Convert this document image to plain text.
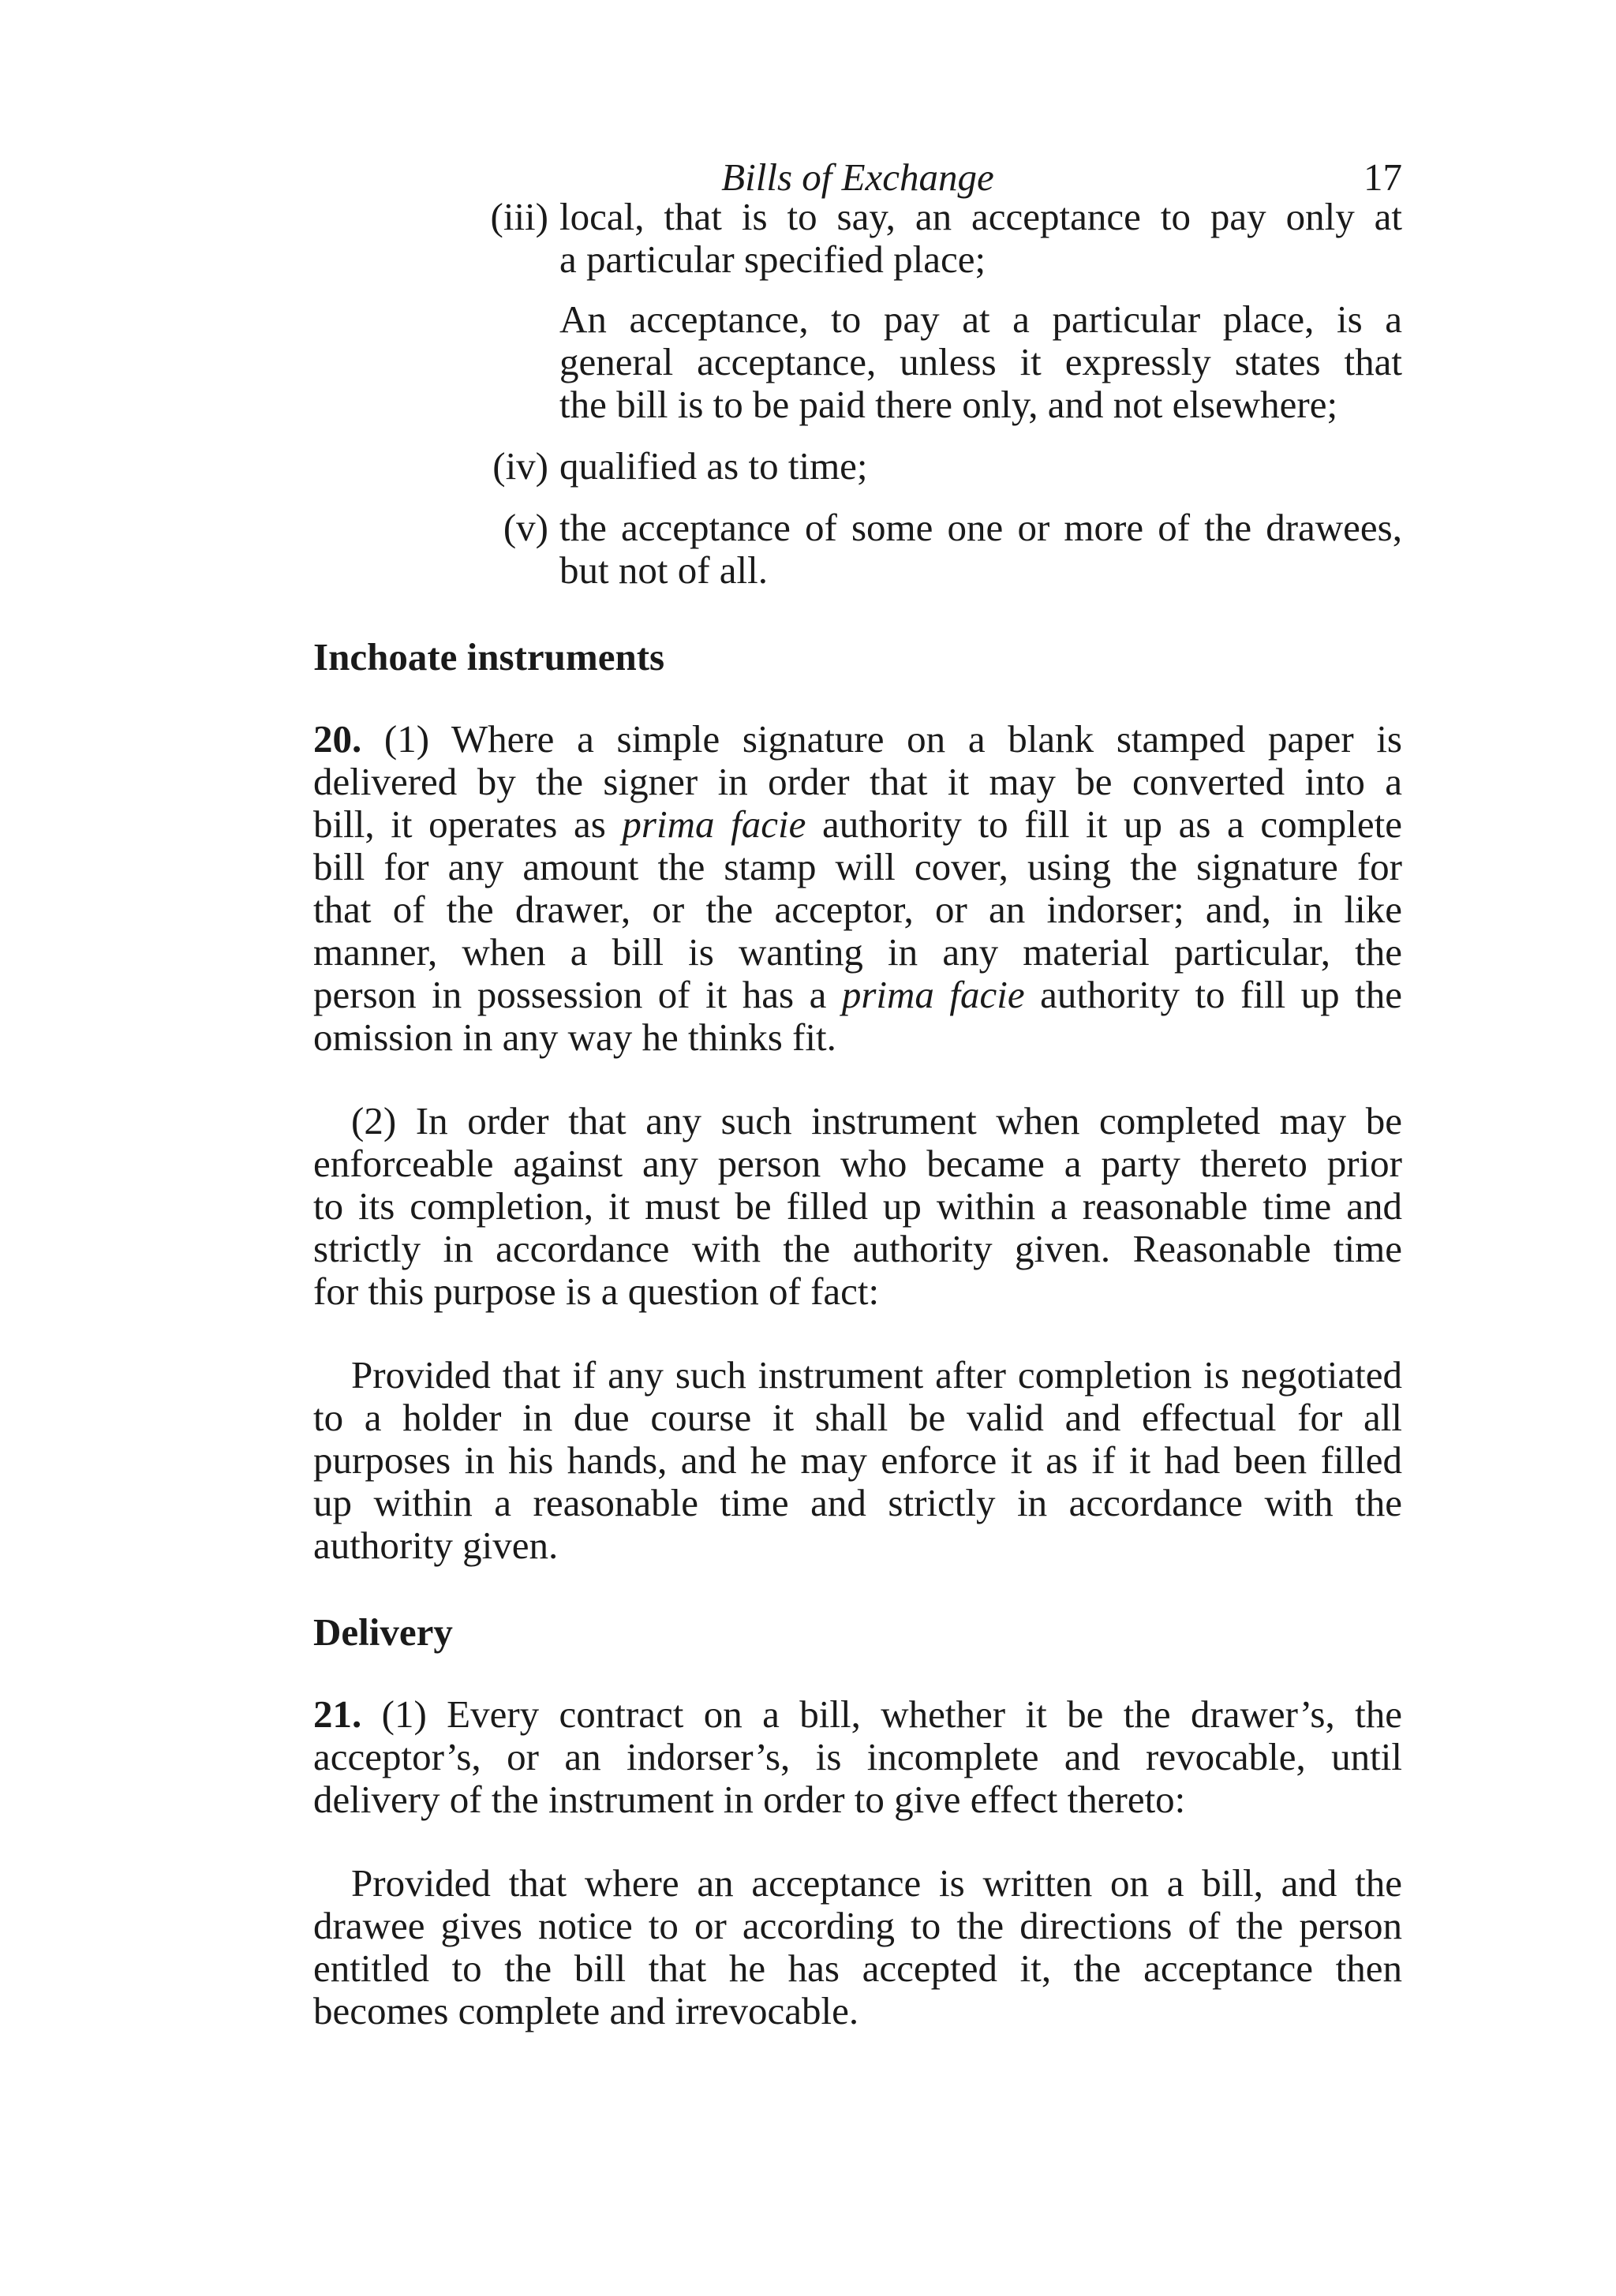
Bills of Exchange	17
(iii) local, that is to say, an acceptance to pay only at
a particular specified place;
An acceptance, to pay at a particular place, is a
general acceptance, unless it expressly states that
the bill is to be paid there only, and not elsewhere;
(iv) qualified as to time;
(v) the acceptance of some one or more of the drawees,
but not of all.
Inchoate instruments
20. (1) Where a simple signature on a blank stamped paper is
delivered by the signer in order that it may be converted into a
bill, it operates as prima facie authority to fill it up as a complete
bill for any amount the stamp will cover, using the signature for
that of the drawer, or the acceptor, or an indorser; and, in like
manner, when a bill is wanting in any material particular, the
person in possession of it has a prima facie authority to fill up the
omission in any way he thinks fit.
(2) In order that any such instrument when completed may be
enforceable against any person who became a party thereto prior
to its completion, it must be filled up within a reasonable time and
strictly in accordance with the authority given. Reasonable time
for this purpose is a question of fact:
Provided that if any such instrument after completion is negotiated
to a holder in due course it shall be valid and effectual for all
purposes in his hands, and he may enforce it as if it had been filled
up within a reasonable time and strictly in accordance with the
authority given.
Delivery
21. (1) Every contract on a bill, whether it be the drawer’s, the
acceptor’s, or an indorser’s, is incomplete and revocable, until
delivery of the instrument in order to give effect thereto:
Provided that where an acceptance is written on a bill, and the
drawee gives notice to or according to the directions of the person
entitled to the bill that he has accepted it, the acceptance then
becomes complete and irrevocable.
